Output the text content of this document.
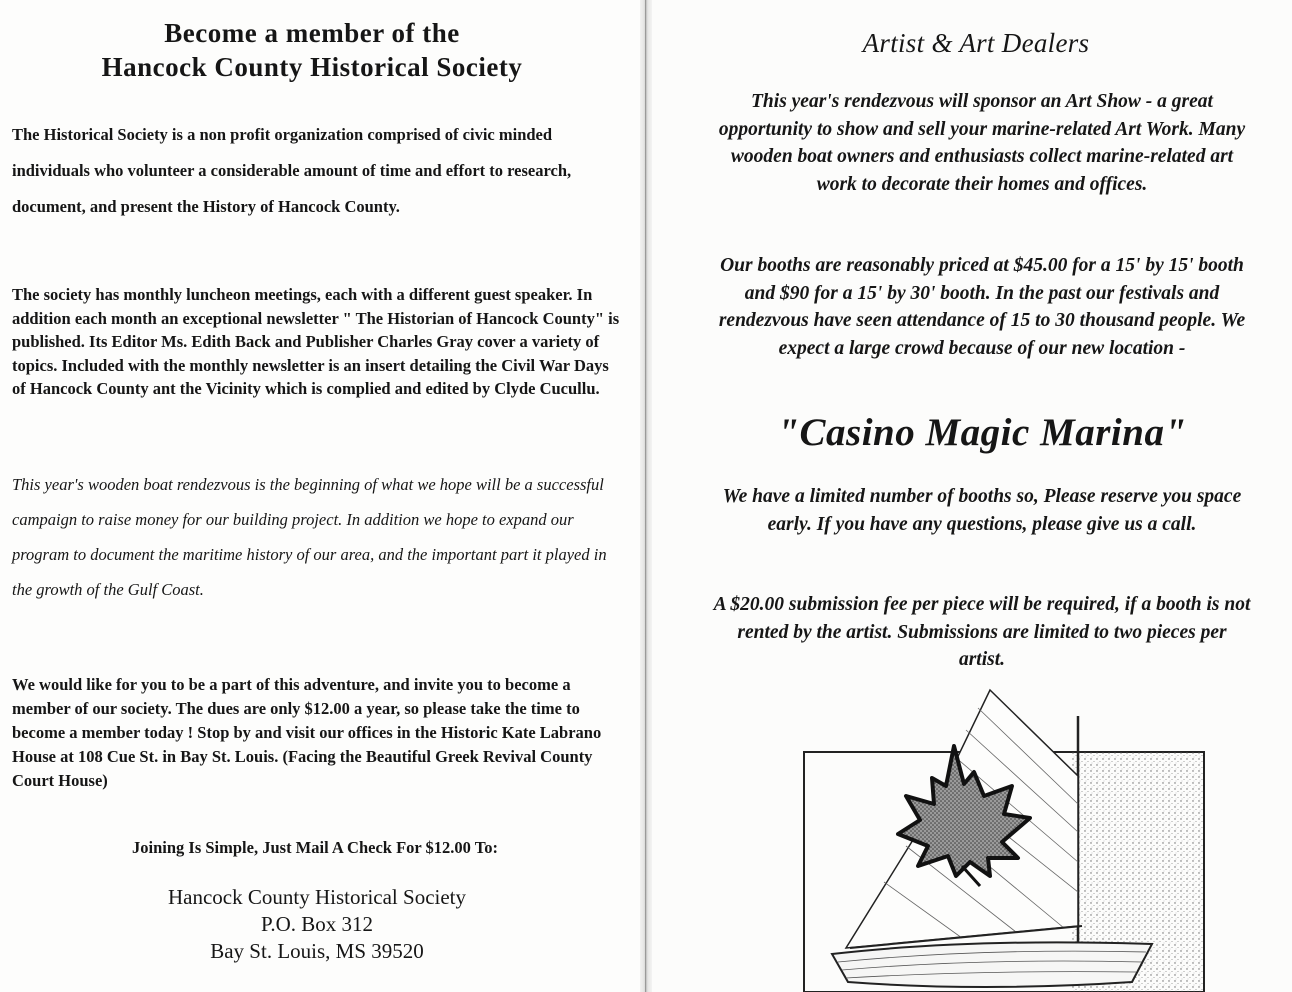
Become a member of the
Hancock County Historical Society

The Historical Society is a non profit organization comprised of civic minded individuals who volunteer a considerable amount of time and effort to research, document, and present the History of Hancock County.

The society has monthly luncheon meetings, each with a different guest speaker. In addition each month an exceptional newsletter " The Historian of Hancock County" is published. Its Editor Ms. Edith Back and Publisher Charles Gray cover a variety of topics. Included with the monthly newsletter is an insert detailing the Civil War Days of Hancock County ant the Vicinity which is complied and edited by Clyde Cucullu.

This year's wooden boat rendezvous is the beginning of what we hope will be a successful campaign to raise money for our building project. In addition we hope to expand our program to document the maritime history of our area, and the important part it played in the growth of the Gulf Coast.

We would like for you to be a part of this adventure, and invite you to become a member of our society. The dues are only $12.00 a year, so please take the time to become a member today ! Stop by and visit our offices in the Historic Kate Labrano House at 108 Cue St. in Bay St. Louis. (Facing the Beautiful Greek Revival County Court House)

Joining Is Simple, Just Mail A Check For $12.00 To:
Hancock County Historical Society
P.O. Box 312
Bay St. Louis, MS 39520
Artist & Art Dealers

This year's rendezvous will sponsor an Art Show - a great opportunity to show and sell your marine-related Art Work. Many wooden boat owners and enthusiasts collect marine-related art work to decorate their homes and offices.

Our booths are reasonably priced at $45.00 for a 15' by 15' booth and $90 for a 15' by 30' booth. In the past our festivals and rendezvous have seen attendance of 15 to 30 thousand people. We expect a large crowd because of our new location -

"Casino Magic Marina"

We have a limited number of booths so, Please reserve you space early. If you have any questions, please give us a call.

A $20.00 submission fee per piece will be required, if a booth is not rented by the artist. Submissions are limited to two pieces per artist.
